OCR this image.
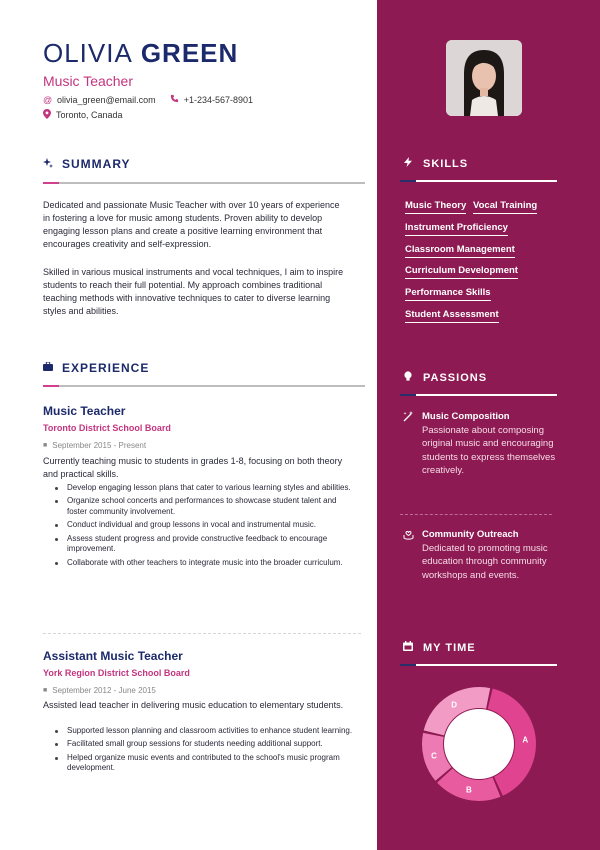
OLIVIA GREEN
Music Teacher
@ olivia_green@email.com	+1-234-567-8901
Toronto, Canada
SUMMARY

Dedicated and passionate Music Teacher with over 10 years of experience in fostering a love for music among students. Proven ability to develop engaging lesson plans and create a positive learning environment that encourages creativity and self-expression.

Skilled in various musical instruments and vocal techniques, I aim to inspire students to reach their full potential. My approach combines traditional teaching methods with innovative techniques to cater to diverse learning styles and abilities.

EXPERIENCE
Music Teacher
Toronto District School Board
■ September 2015 - Present

Currently teaching music to students in grades 1-8, focusing on both theory and practical skills.

Develop engaging lesson plans that cater to various learning styles and abilities.
Organize school concerts and performances to showcase student talent and foster community involvement.
Conduct individual and group lessons in vocal and instrumental music.
Assess student progress and provide constructive feedback to encourage improvement.
Collaborate with other teachers to integrate music into the broader curriculum.
Assistant Music Teacher
York Region District School Board
■ September 2012 - June 2015

Assisted lead teacher in delivering music education to elementary students.

Supported lesson planning and classroom activities to enhance student learning.
Facilitated small group sessions for students needing additional support.
Helped organize music events and contributed to the school's music program development.
SKILLS
Music Theory Vocal Training
Instrument Proficiency
Classroom Management
Curriculum Development
Performance Skills
Student Assessment
PASSIONS
Music Composition

Passionate about composing original music and encouraging students to express themselves creatively.

Community Outreach

Dedicated to promoting music education through community workshops and events.

MY TIME
A
B
C
D
